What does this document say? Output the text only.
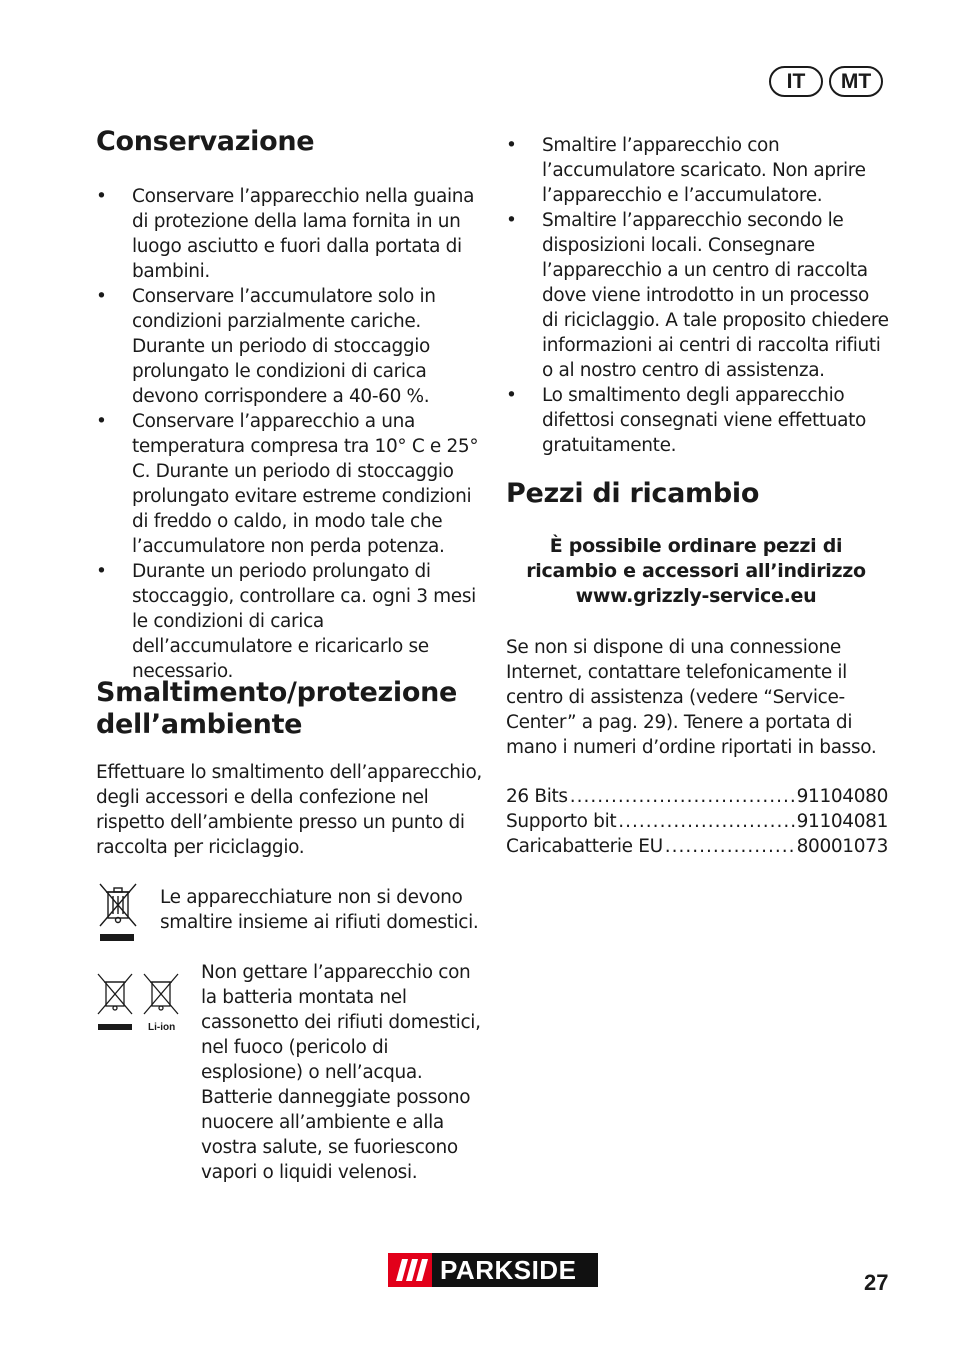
IT	MT
Conservazione
• Conservare l’apparecchio nella guaina di protezione della lama fornita in un luogo asciutto e fuori dalla portata di bambini.
• Conservare l’accumulatore solo in condizioni parzialmente cariche. Durante un periodo di stoccaggio prolungato le condizioni di carica devono corrispondere a 40-60 %.
• Conservare l’apparecchio a una temperatura compresa tra 10° C e 25° C. Durante un periodo di stoccaggio prolungato evitare estreme condizioni di freddo o caldo, in modo tale che l’accumulatore non perda potenza.
• Durante un periodo prolungato di stoccaggio, controllare ca. ogni 3 mesi le condizioni di carica dell’accumulatore e ricaricarlo se necessario.
Smaltimento/protezione dell’ambiente

Effettuare lo smaltimento dell’apparecchio, degli accessori e della confezione nel rispetto dell’ambiente presso un punto di raccolta per riciclaggio.

Le apparecchiature non si devono smaltire insieme ai rifiuti domestici.

Li-ion

Non gettare l’apparecchio con la batteria montata nel cassonetto dei rifiuti domestici, nel fuoco (pericolo di esplosione) o nell’acqua. Batterie danneggiate possono nuocere all’ambiente e alla vostra salute, se fuoriescono vapori o liquidi velenosi.

• Smaltire l’apparecchio con l’accumulatore scaricato. Non aprire l’apparecchio e l’accumulatore.
• Smaltire l’apparecchio secondo le disposizioni locali. Consegnare l’apparecchio a un centro di raccolta dove viene introdotto in un processo di riciclaggio. A tale proposito chiedere informazioni ai centri di raccolta rifiuti o al nostro centro di assistenza.
• Lo smaltimento degli apparecchio difettosi consegnati viene effettuato gratuitamente.
Pezzi di ricambio

È possibile ordinare pezzi di ricambio e accessori all’indirizzo www.grizzly-service.eu

Se non si dispone di una connessione Internet, contattare telefonicamente il centro di assistenza (vedere “Service-Center” a pag. 29). Tenere a portata di mano i numeri d’ordine riportati in basso.

26 Bits .....	91104080
Supporto bit .....	91104081
Caricabatterie EU .....	80001073
PARKSIDE	27
